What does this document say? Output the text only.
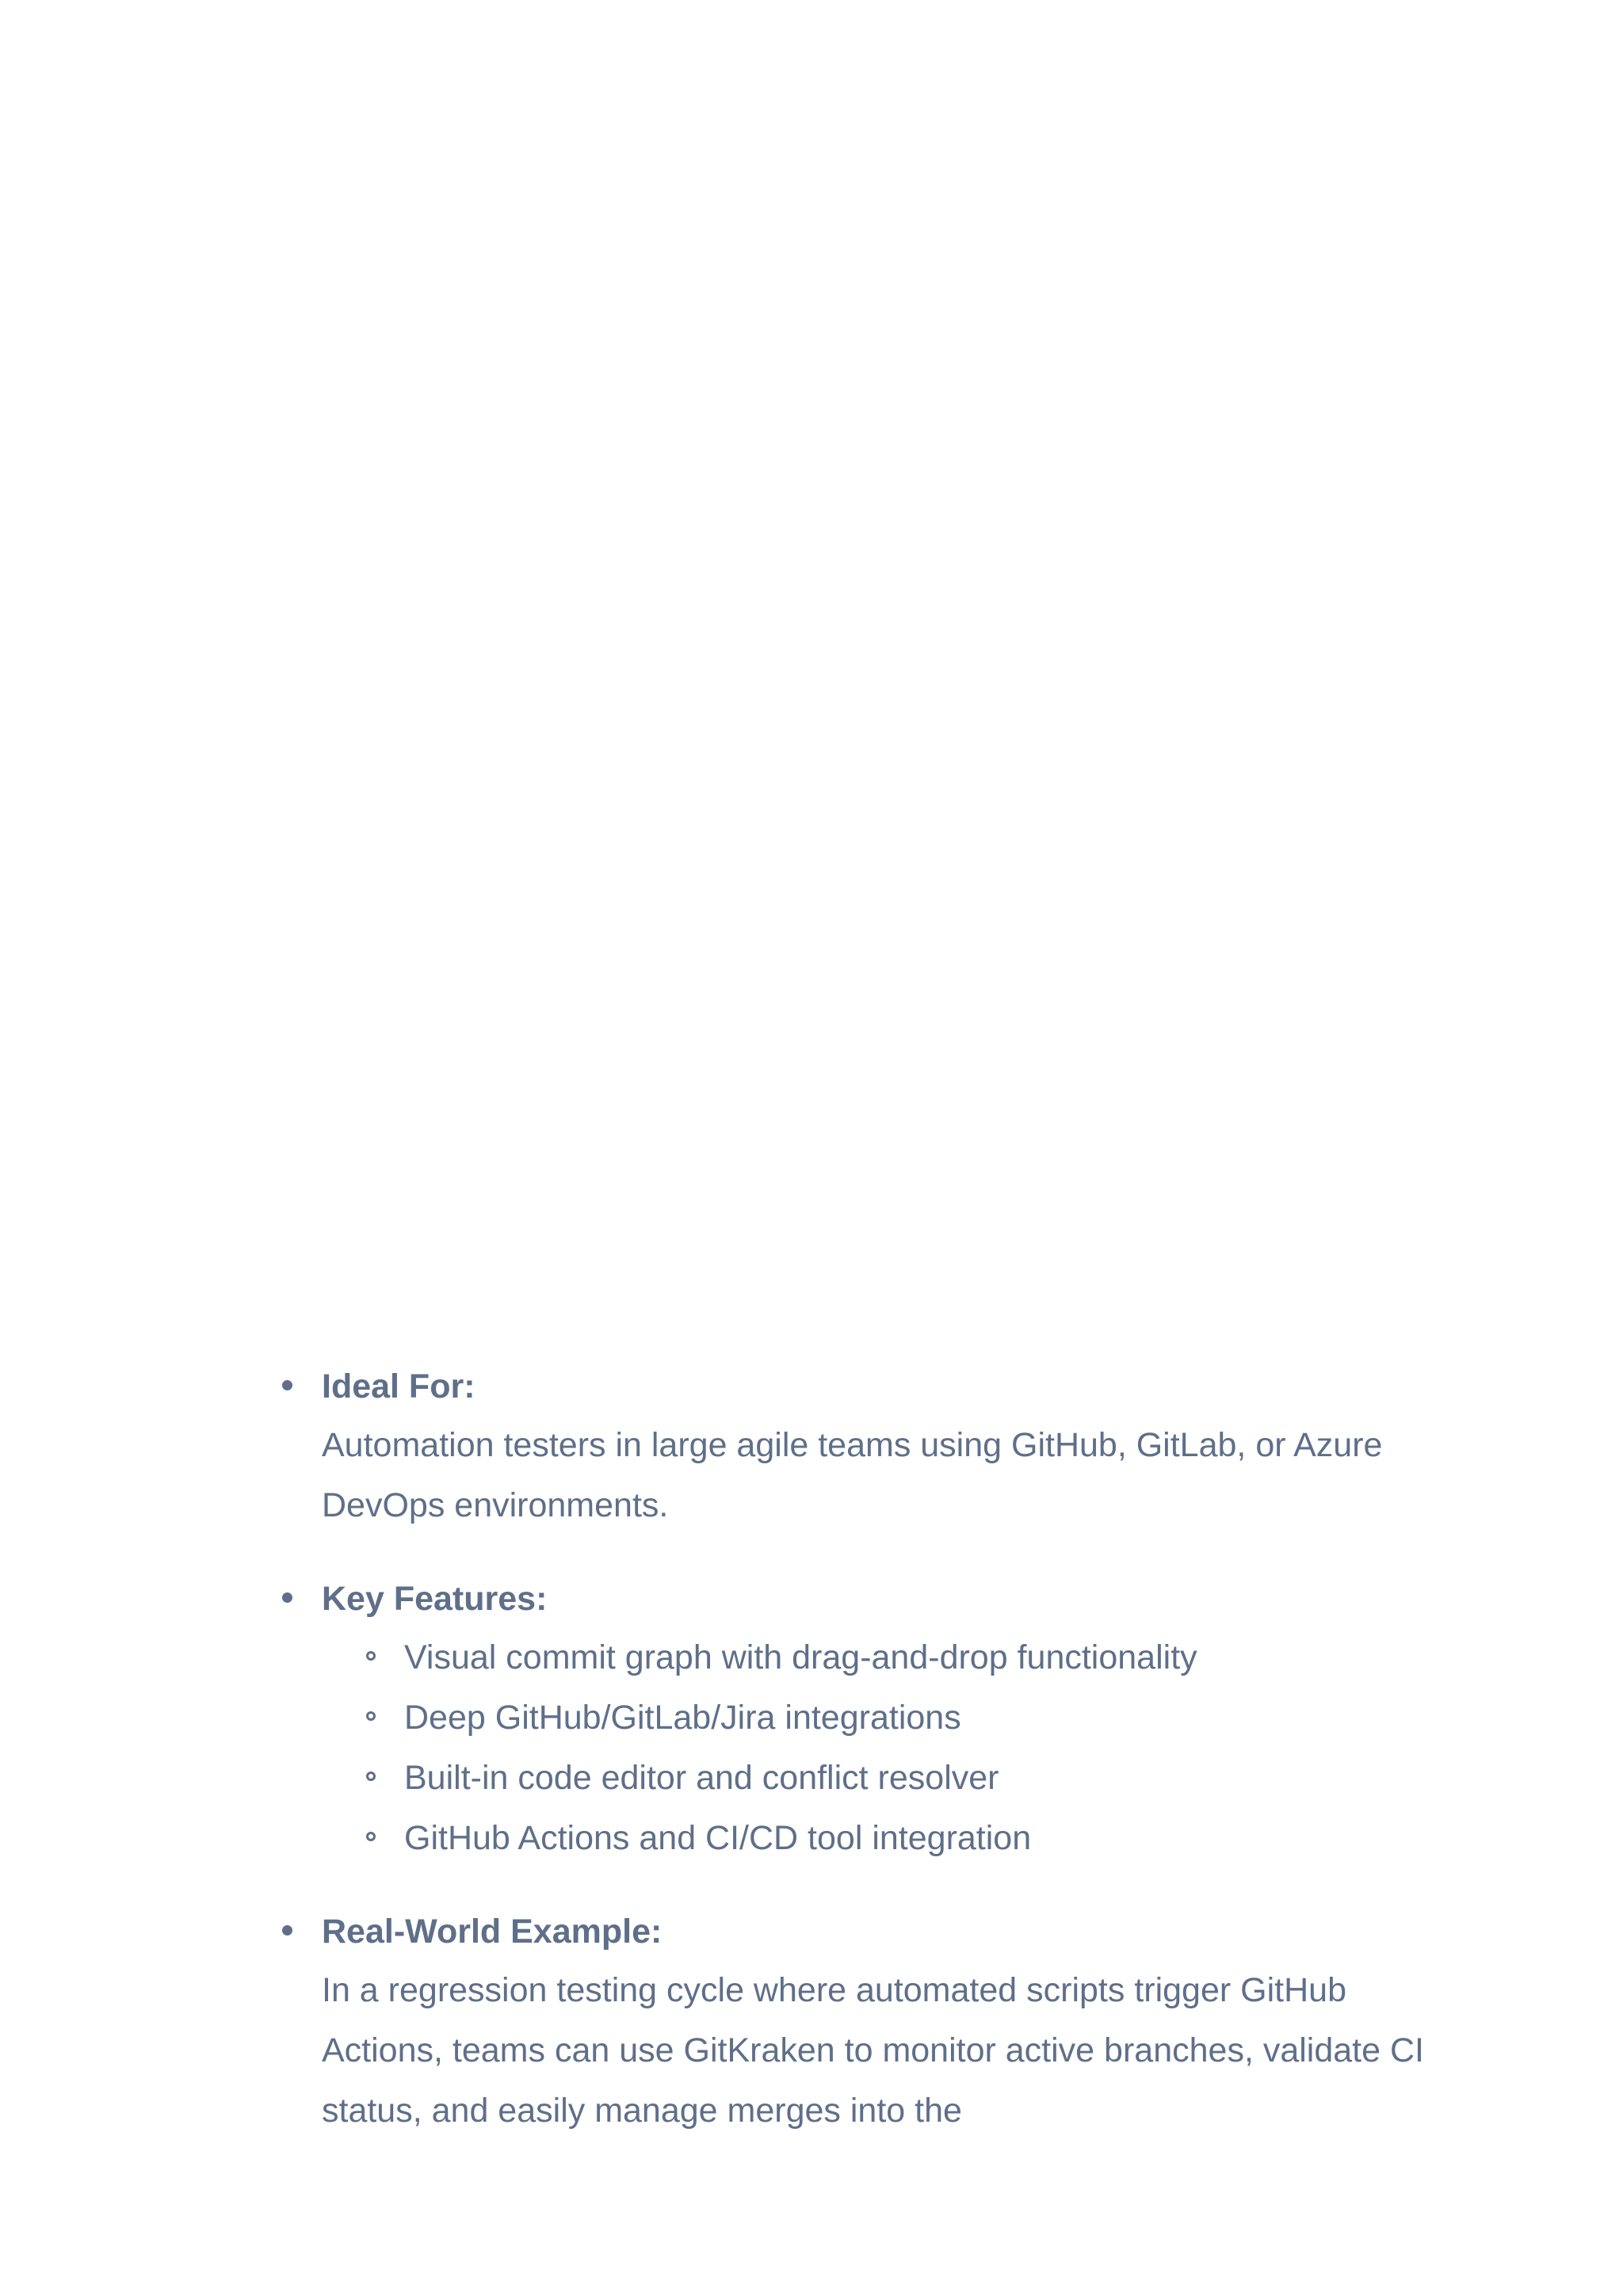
Ideal For:
Automation testers in large agile teams using GitHub, GitLab, or Azure DevOps environments.
Key Features:
Visual commit graph with drag-and-drop functionality
Deep GitHub/GitLab/Jira integrations
Built-in code editor and conflict resolver
GitHub Actions and CI/CD tool integration
Real-World Example:
In a regression testing cycle where automated scripts trigger GitHub Actions, teams can use GitKraken to monitor active branches, validate CI status, and easily manage merges into the
